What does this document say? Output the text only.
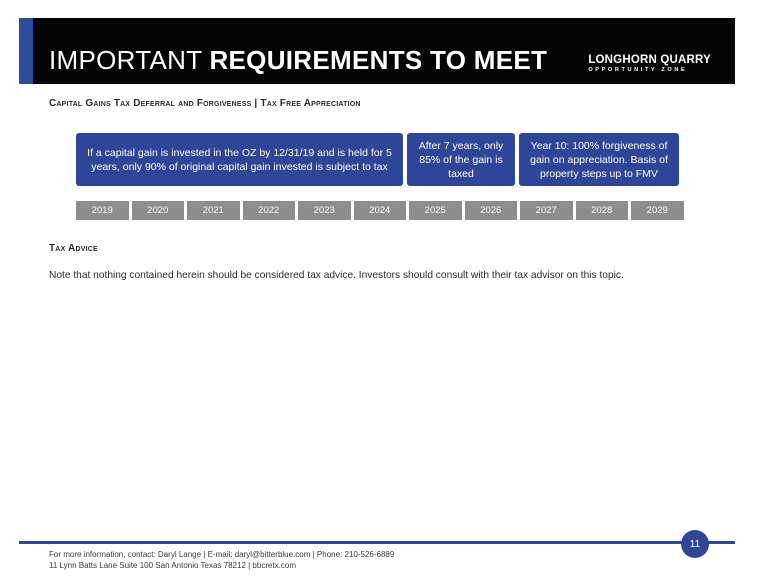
IMPORTANT REQUIREMENTS TO MEET	LONGHORN QUARRY
OPPORTUNITY ZONE
Capital Gains Tax Deferral and Forgiveness | Tax Free Appreciation
If a capital gain is invested in the OZ by 12/31/19 and is held for 5 years, only 90% of original capital gain invested is subject to tax
After 7 years, only 85% of the gain is taxed
Year 10: 100% forgiveness of gain on appreciation. Basis of property steps up to FMV
2019	2020	2021	2022	2023	2024	2025	2026	2027	2028	2029
Tax Advice
Note that nothing contained herein should be considered tax advice. Investors should consult with their tax advisor on this topic.
11
For more information, contact: Daryl Lange | E-mail: daryl@bitterblue.com | Phone: 210-526-6889
11 Lynn Batts Lane Suite 100 San Antonio Texas 78212 | bbcretx.com
